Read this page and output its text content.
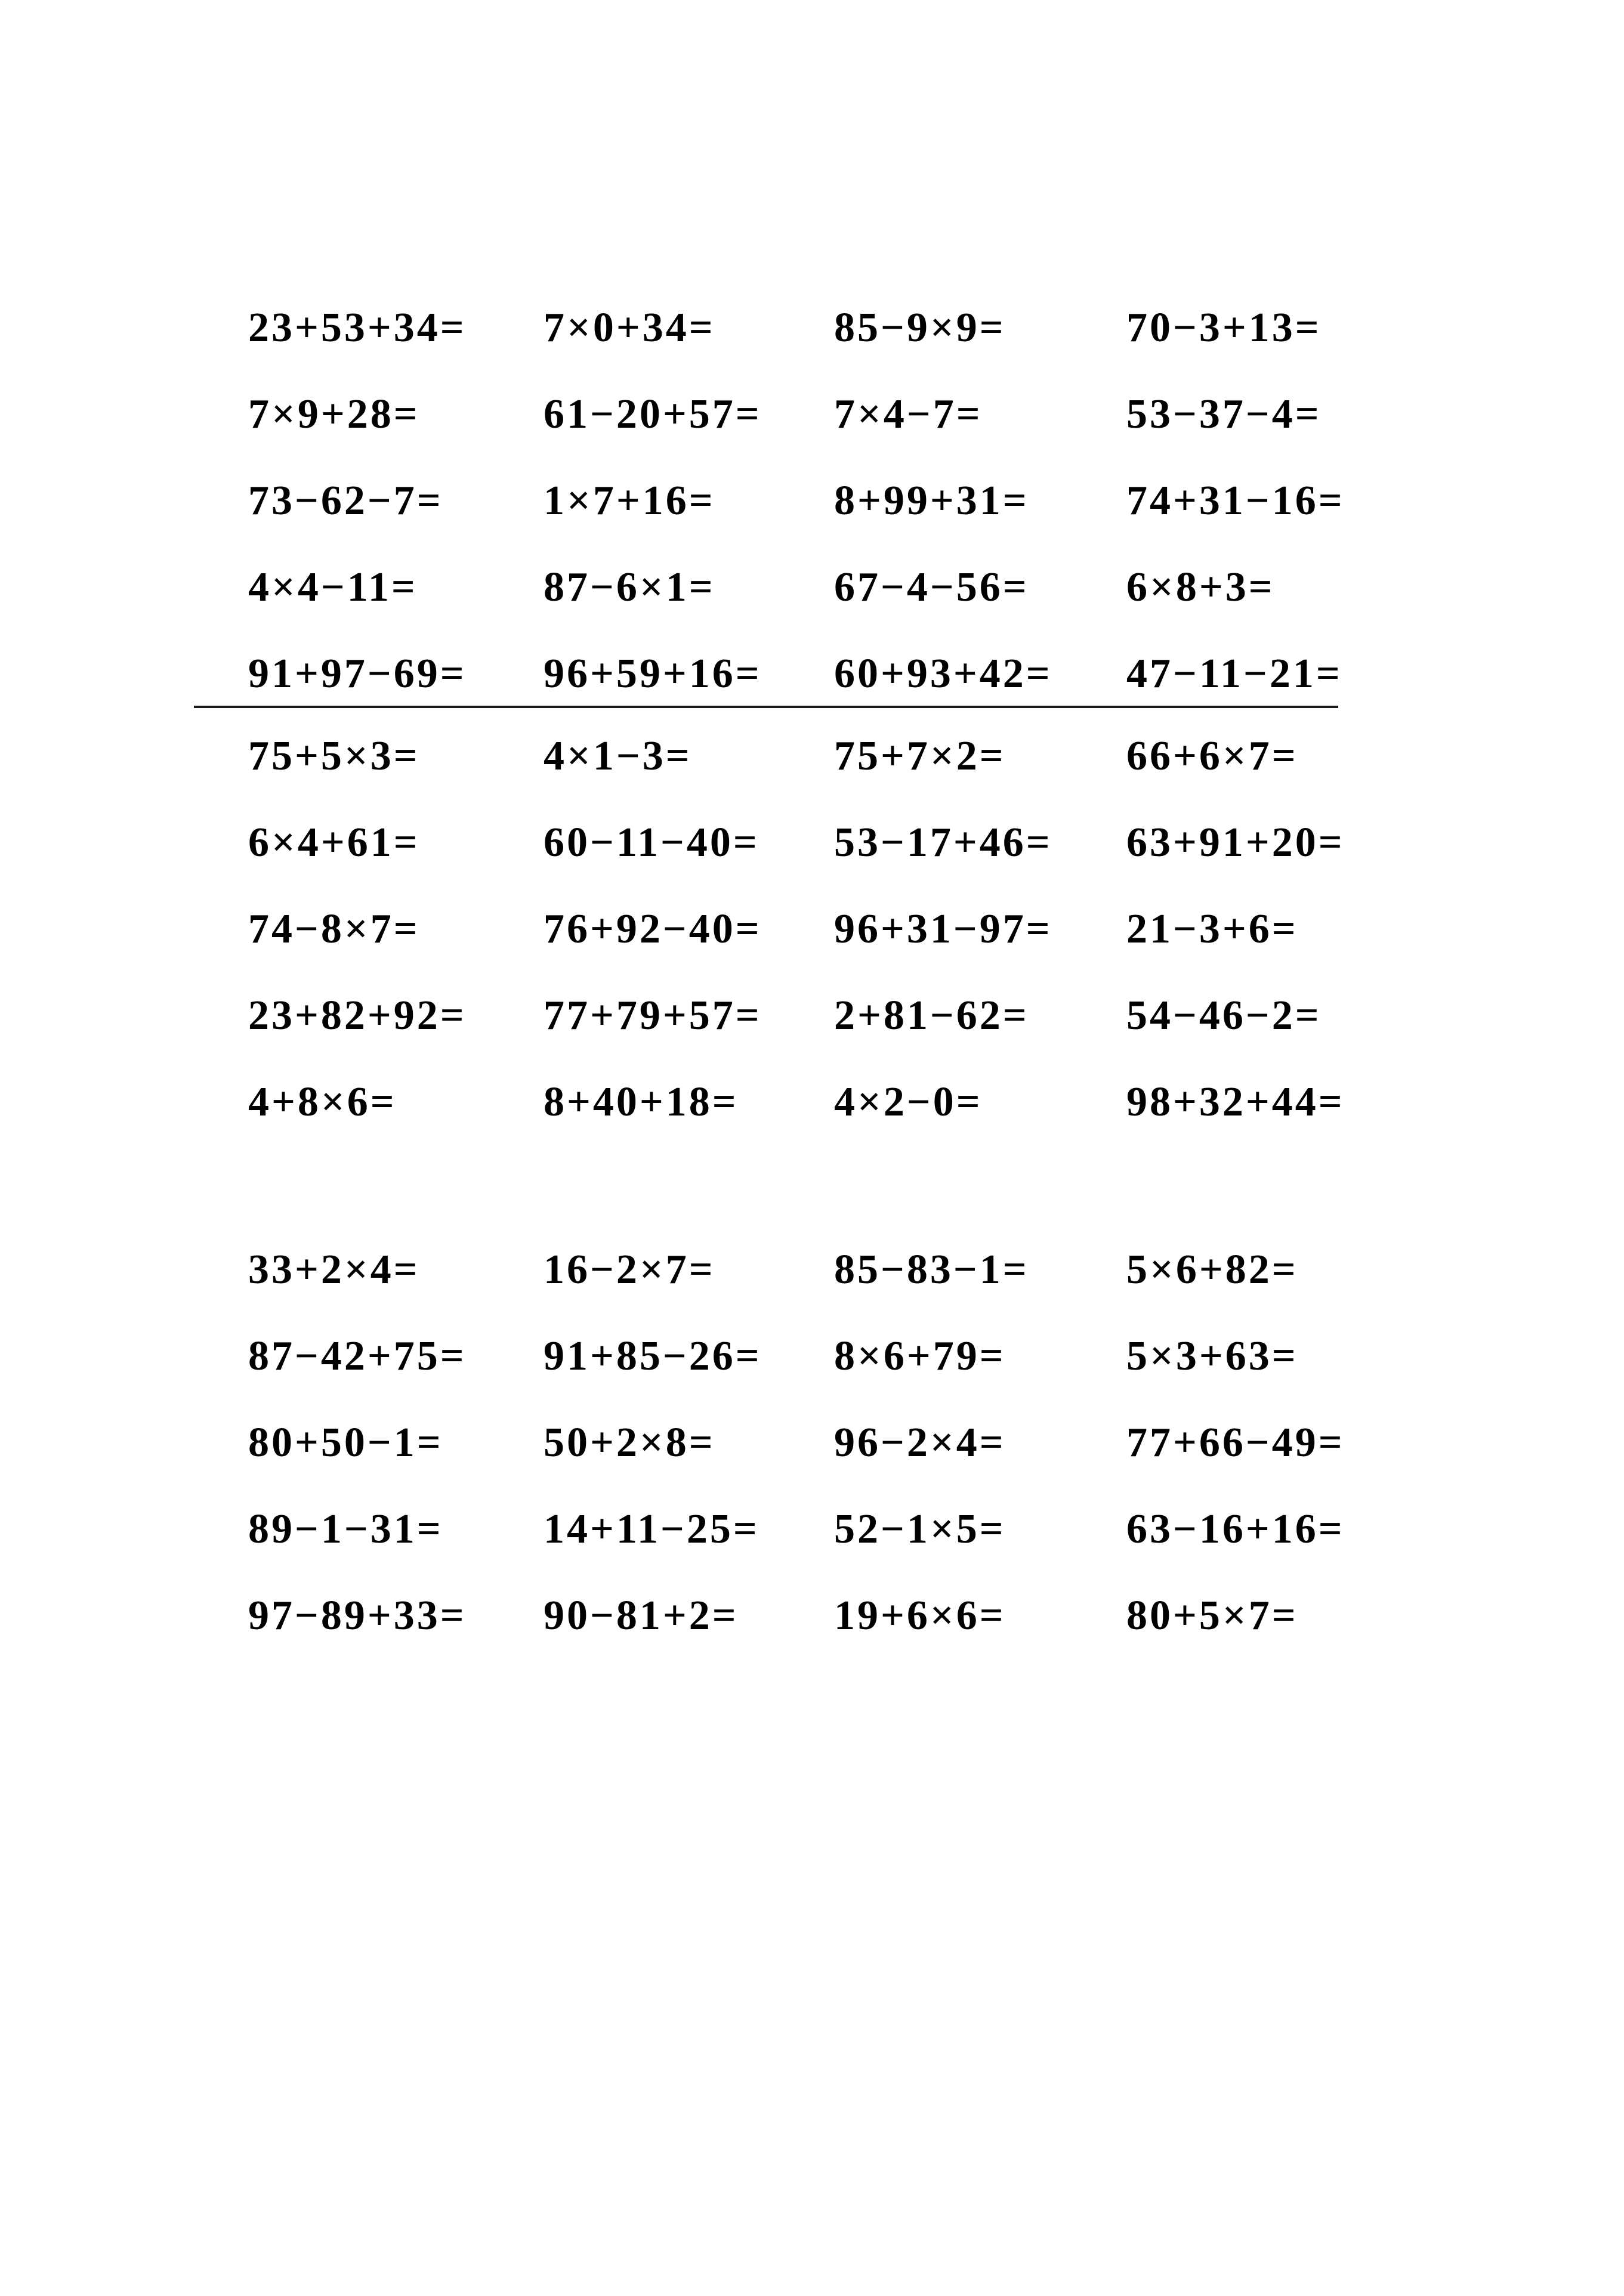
23+53+34=	7×0+34=	85−9×9=	70−3+13=
7×9+28=	61−20+57=	7×4−7=	53−37−4=
73−62−7=	1×7+16=	8+99+31=	74+31−16=
4×4−11=	87−6×1=	67−4−56=	6×8+3=
91+97−69=	96+59+16=	60+93+42=	47−11−21=
75+5×3=	4×1−3=	75+7×2=	66+6×7=
6×4+61=	60−11−40=	53−17+46=	63+91+20=
74−8×7=	76+92−40=	96+31−97=	21−3+6=
23+82+92=	77+79+57=	2+81−62=	54−46−2=
4+8×6=	8+40+18=	4×2−0=	98+32+44=
33+2×4=	16−2×7=	85−83−1=	5×6+82=
87−42+75=	91+85−26=	8×6+79=	5×3+63=
80+50−1=	50+2×8=	96−2×4=	77+66−49=
89−1−31=	14+11−25=	52−1×5=	63−16+16=
97−89+33=	90−81+2=	19+6×6=	80+5×7=
